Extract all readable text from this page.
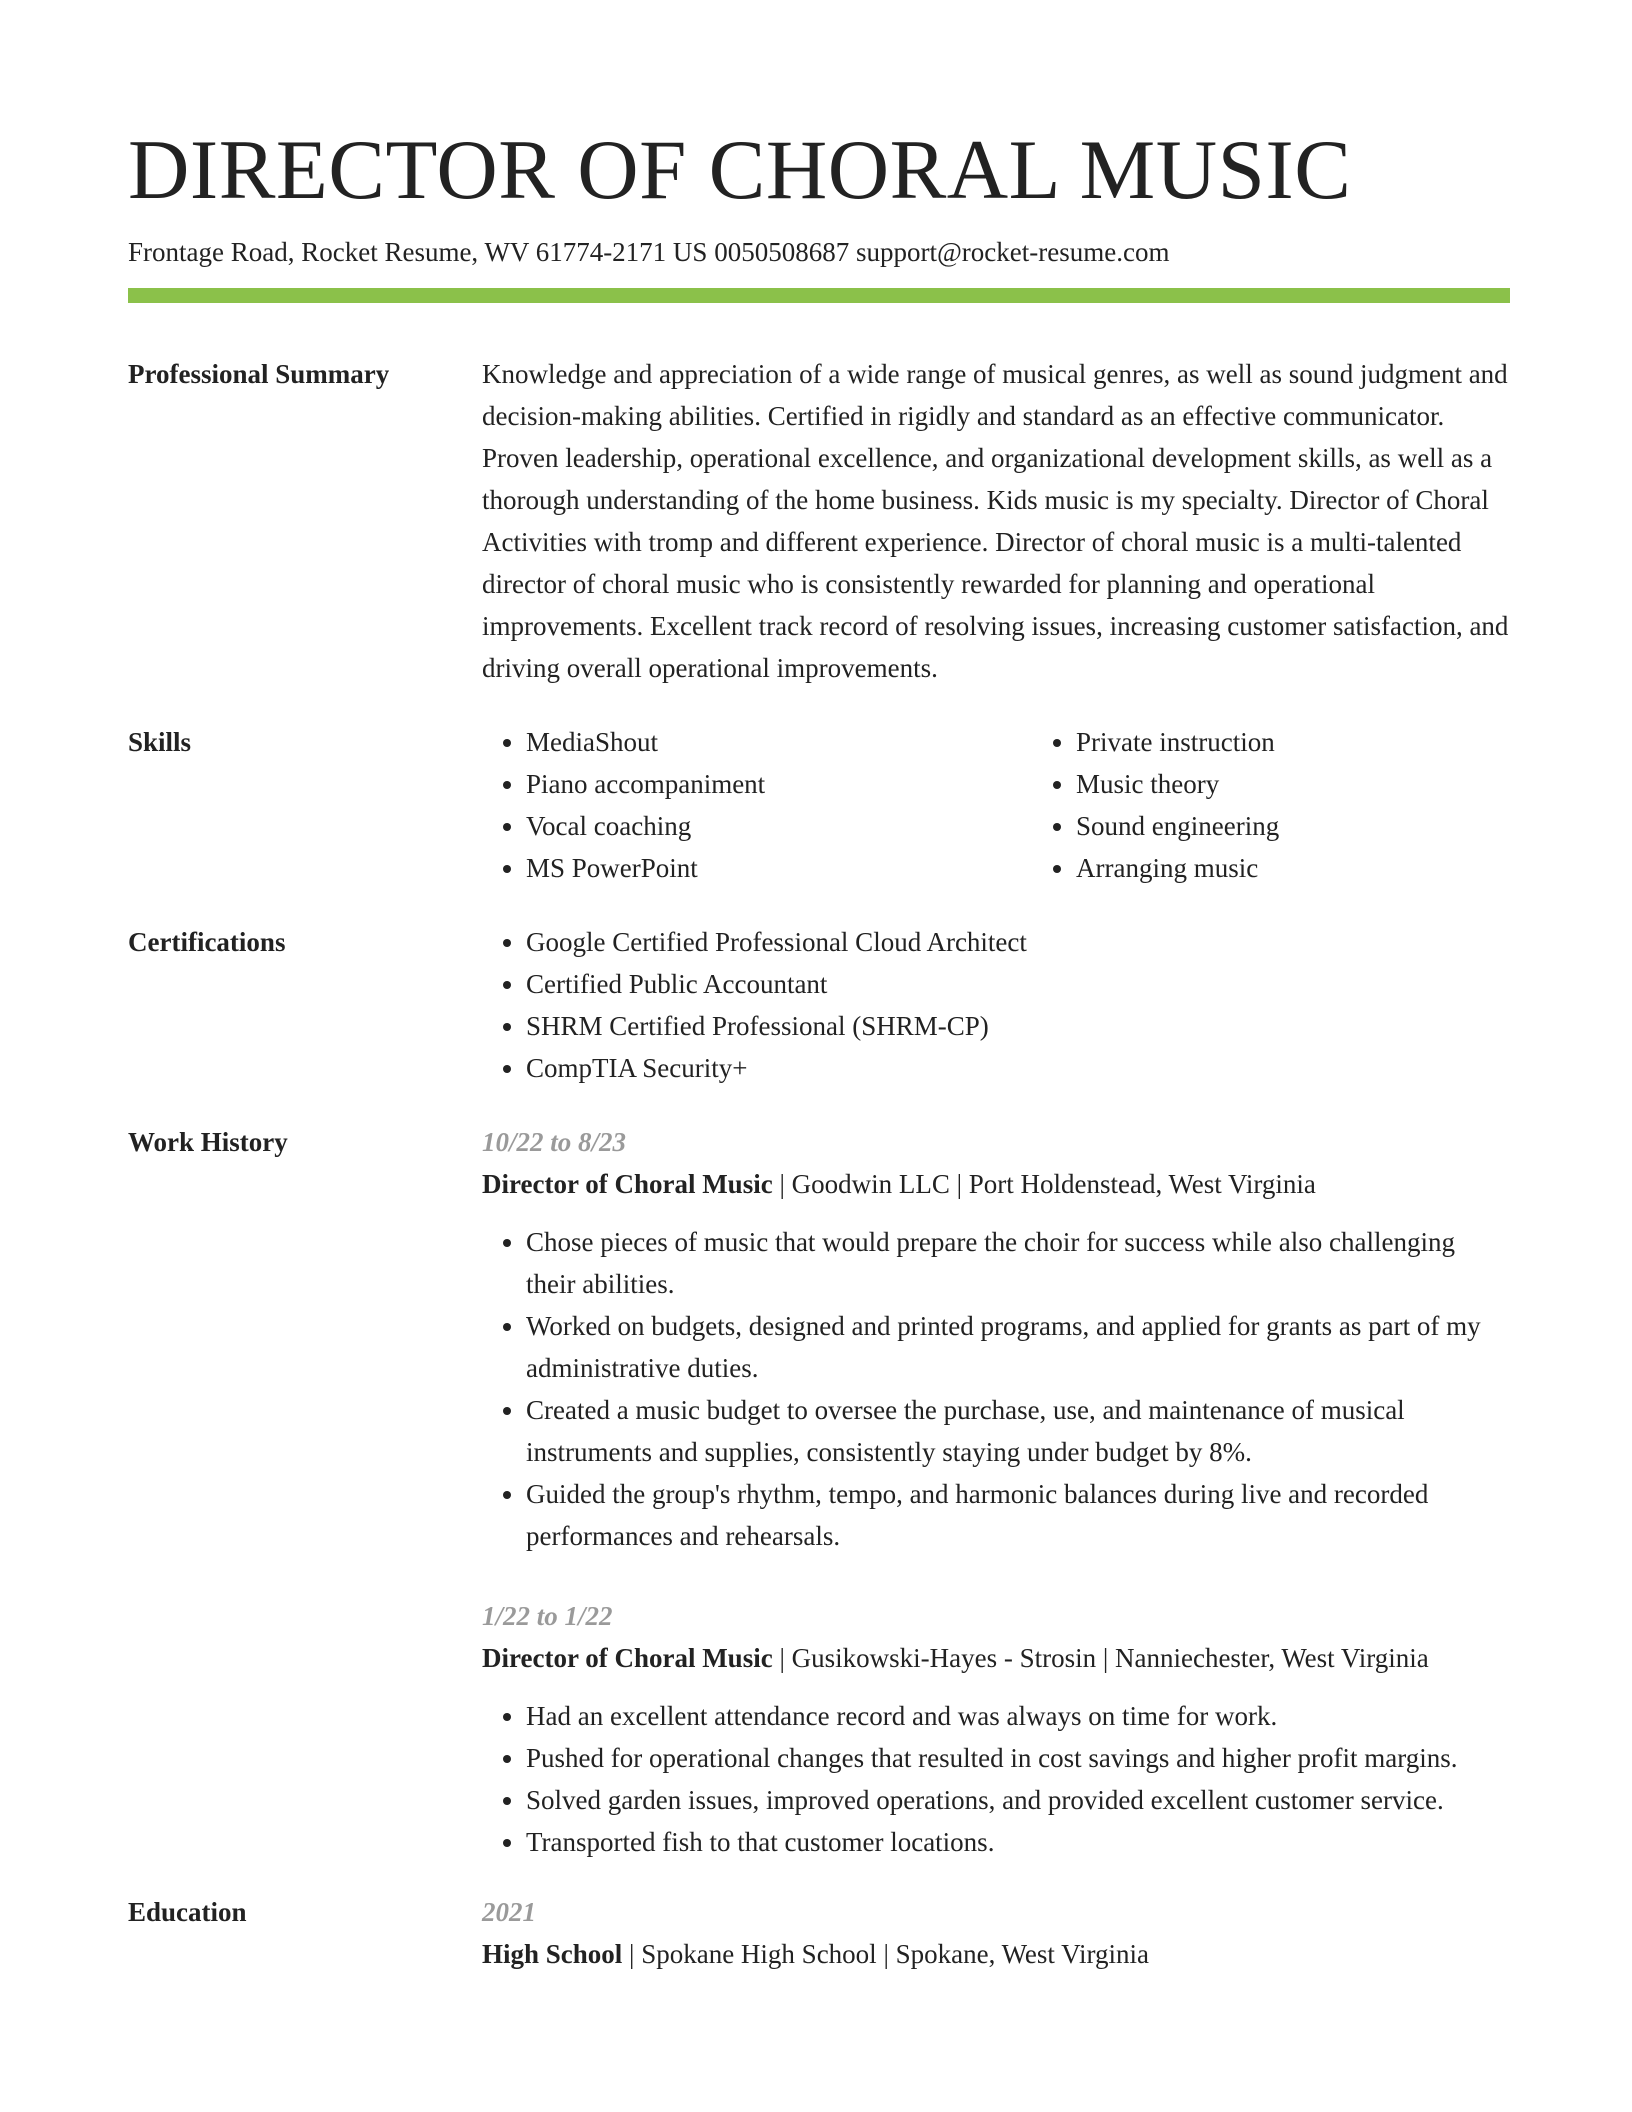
DIRECTOR OF CHORAL MUSIC
Frontage Road, Rocket Resume, WV 61774-2171 US 0050508687 support@rocket-resume.com
Professional Summary	Knowledge and appreciation of a wide range of musical genres, as well as sound judgment and decision-making abilities. Certified in rigidly and standard as an effective communicator. Proven leadership, operational excellence, and organizational development skills, as well as a thorough understanding of the home business. Kids music is my specialty. Director of Choral Activities with tromp and different experience. Director of choral music is a multi-talented director of choral music who is consistently rewarded for planning and operational improvements. Excellent track record of resolving issues, increasing customer satisfaction, and driving overall operational improvements.

Skills	• MediaShout
• Piano accompaniment
• Vocal coaching
• MS PowerPoint
• Private instruction
• Music theory
• Sound engineering
• Arranging music
Certifications	• Google Certified Professional Cloud Architect
• Certified Public Accountant
• SHRM Certified Professional (SHRM-CP)
• CompTIA Security+
Work History	10/22 to 8/23
Director of Choral Music | Goodwin LLC | Port Holdenstead, West Virginia
• Chose pieces of music that would prepare the choir for success while also challenging their abilities.
• Worked on budgets, designed and printed programs, and applied for grants as part of my administrative duties.
• Created a music budget to oversee the purchase, use, and maintenance of musical instruments and supplies, consistently staying under budget by 8%.
• Guided the group's rhythm, tempo, and harmonic balances during live and recorded performances and rehearsals.
1/22 to 1/22
Director of Choral Music | Gusikowski-Hayes - Strosin | Nanniechester, West Virginia
• Had an excellent attendance record and was always on time for work.
• Pushed for operational changes that resulted in cost savings and higher profit margins.
• Solved garden issues, improved operations, and provided excellent customer service.
• Transported fish to that customer locations.
Education	2021
High School | Spokane High School | Spokane, West Virginia
